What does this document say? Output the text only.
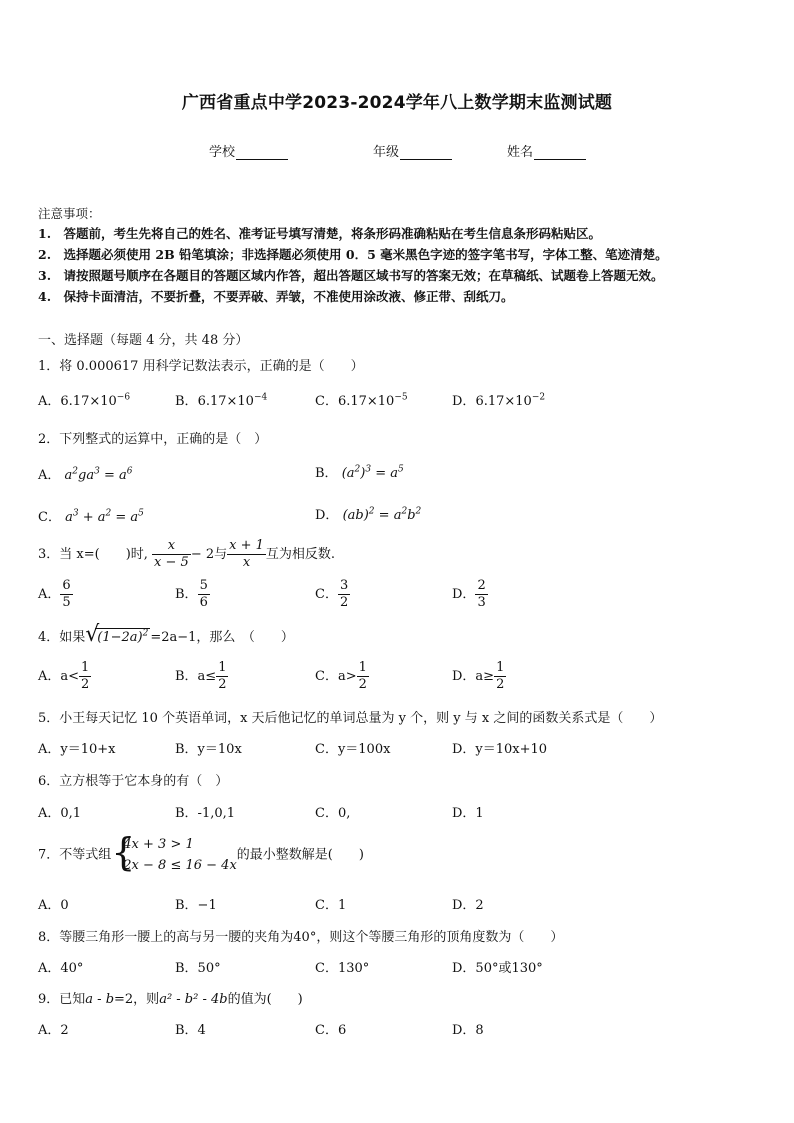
广西省重点中学2023-2024学年八上数学期末监测试题
学校	年级	姓名
注意事项：
1.　答题前，考生先将自己的姓名、准考证号填写清楚，将条形码准确粘贴在考生信息条形码粘贴区。
2.　选择题必须使用 2B 铅笔填涂；非选择题必须使用 0．5 毫米黑色字迹的签字笔书写，字体工整、笔迹清楚。
3.　请按照题号顺序在各题目的答题区域内作答，超出答题区域书写的答案无效；在草稿纸、试题卷上答题无效。
4.　保持卡面清洁，不要折叠，不要弄破、弄皱，不准使用涂改液、修正带、刮纸刀。
一、选择题（每题 4 分，共 48 分）
1．将 0.000617 用科学记数法表示，正确的是（　　）
A．$6.17\times 10^{-6}$	B．$6.17\times 10^{-4}$	C．$6.17\times 10^{-5}$	D．$6.17\times 10^{-2}$
2．下列整式的运算中，正确的是（　）
A． $a^2ga^3 = a^6$	B． $(a^2)^3 = a^5$
C． $a^3 + a^2 = a^5$	D． $(ab)^2 = a^2b^2$
3．当 x=(　　)时, $\frac{x}{x - 5} - 2$与 $\frac{x + 1}{x}$ 互为相反数.
A． $\frac{6}{5}$	B． $\frac{5}{6}$	C． $\frac{3}{2}$	D． $\frac{2}{3}$
4．如果 √
$(1-2a)^2 =2a-1$，那么　（　　）
A．$a< \frac{1}{2}$	B．$a\le \frac{1}{2}$	C．$a> \frac{1}{2}$	D．$a\ge \frac{1}{2}$
5．小王每天记忆 10 个英语单词，x 天后他记忆的单词总量为 y 个，则 y 与 x 之间的函数关系式是（　　）
A．y＝10+x	B．y＝10x	C．y＝100x	D．y＝10x+10
6．立方根等于它本身的有（　）
A．0,1	B．-1,0,1	C．0,	D．1
7．不等式组 {
4x + 3 > 1
2x − 8 ≤ 16 − 4x
的最小整数解是(　　)
A．0	B．−1	C．1	D．2
8．等腰三角形一腰上的高与另一腰的夹角为40°，则这个等腰三角形的顶角度数为（　　）
A．40°	B．50°	C．130°	D．50°或130°
9．已知a - b=2，则a² - b² - 4b的值为(　　)
A．2	B．4	C．6	D．8
